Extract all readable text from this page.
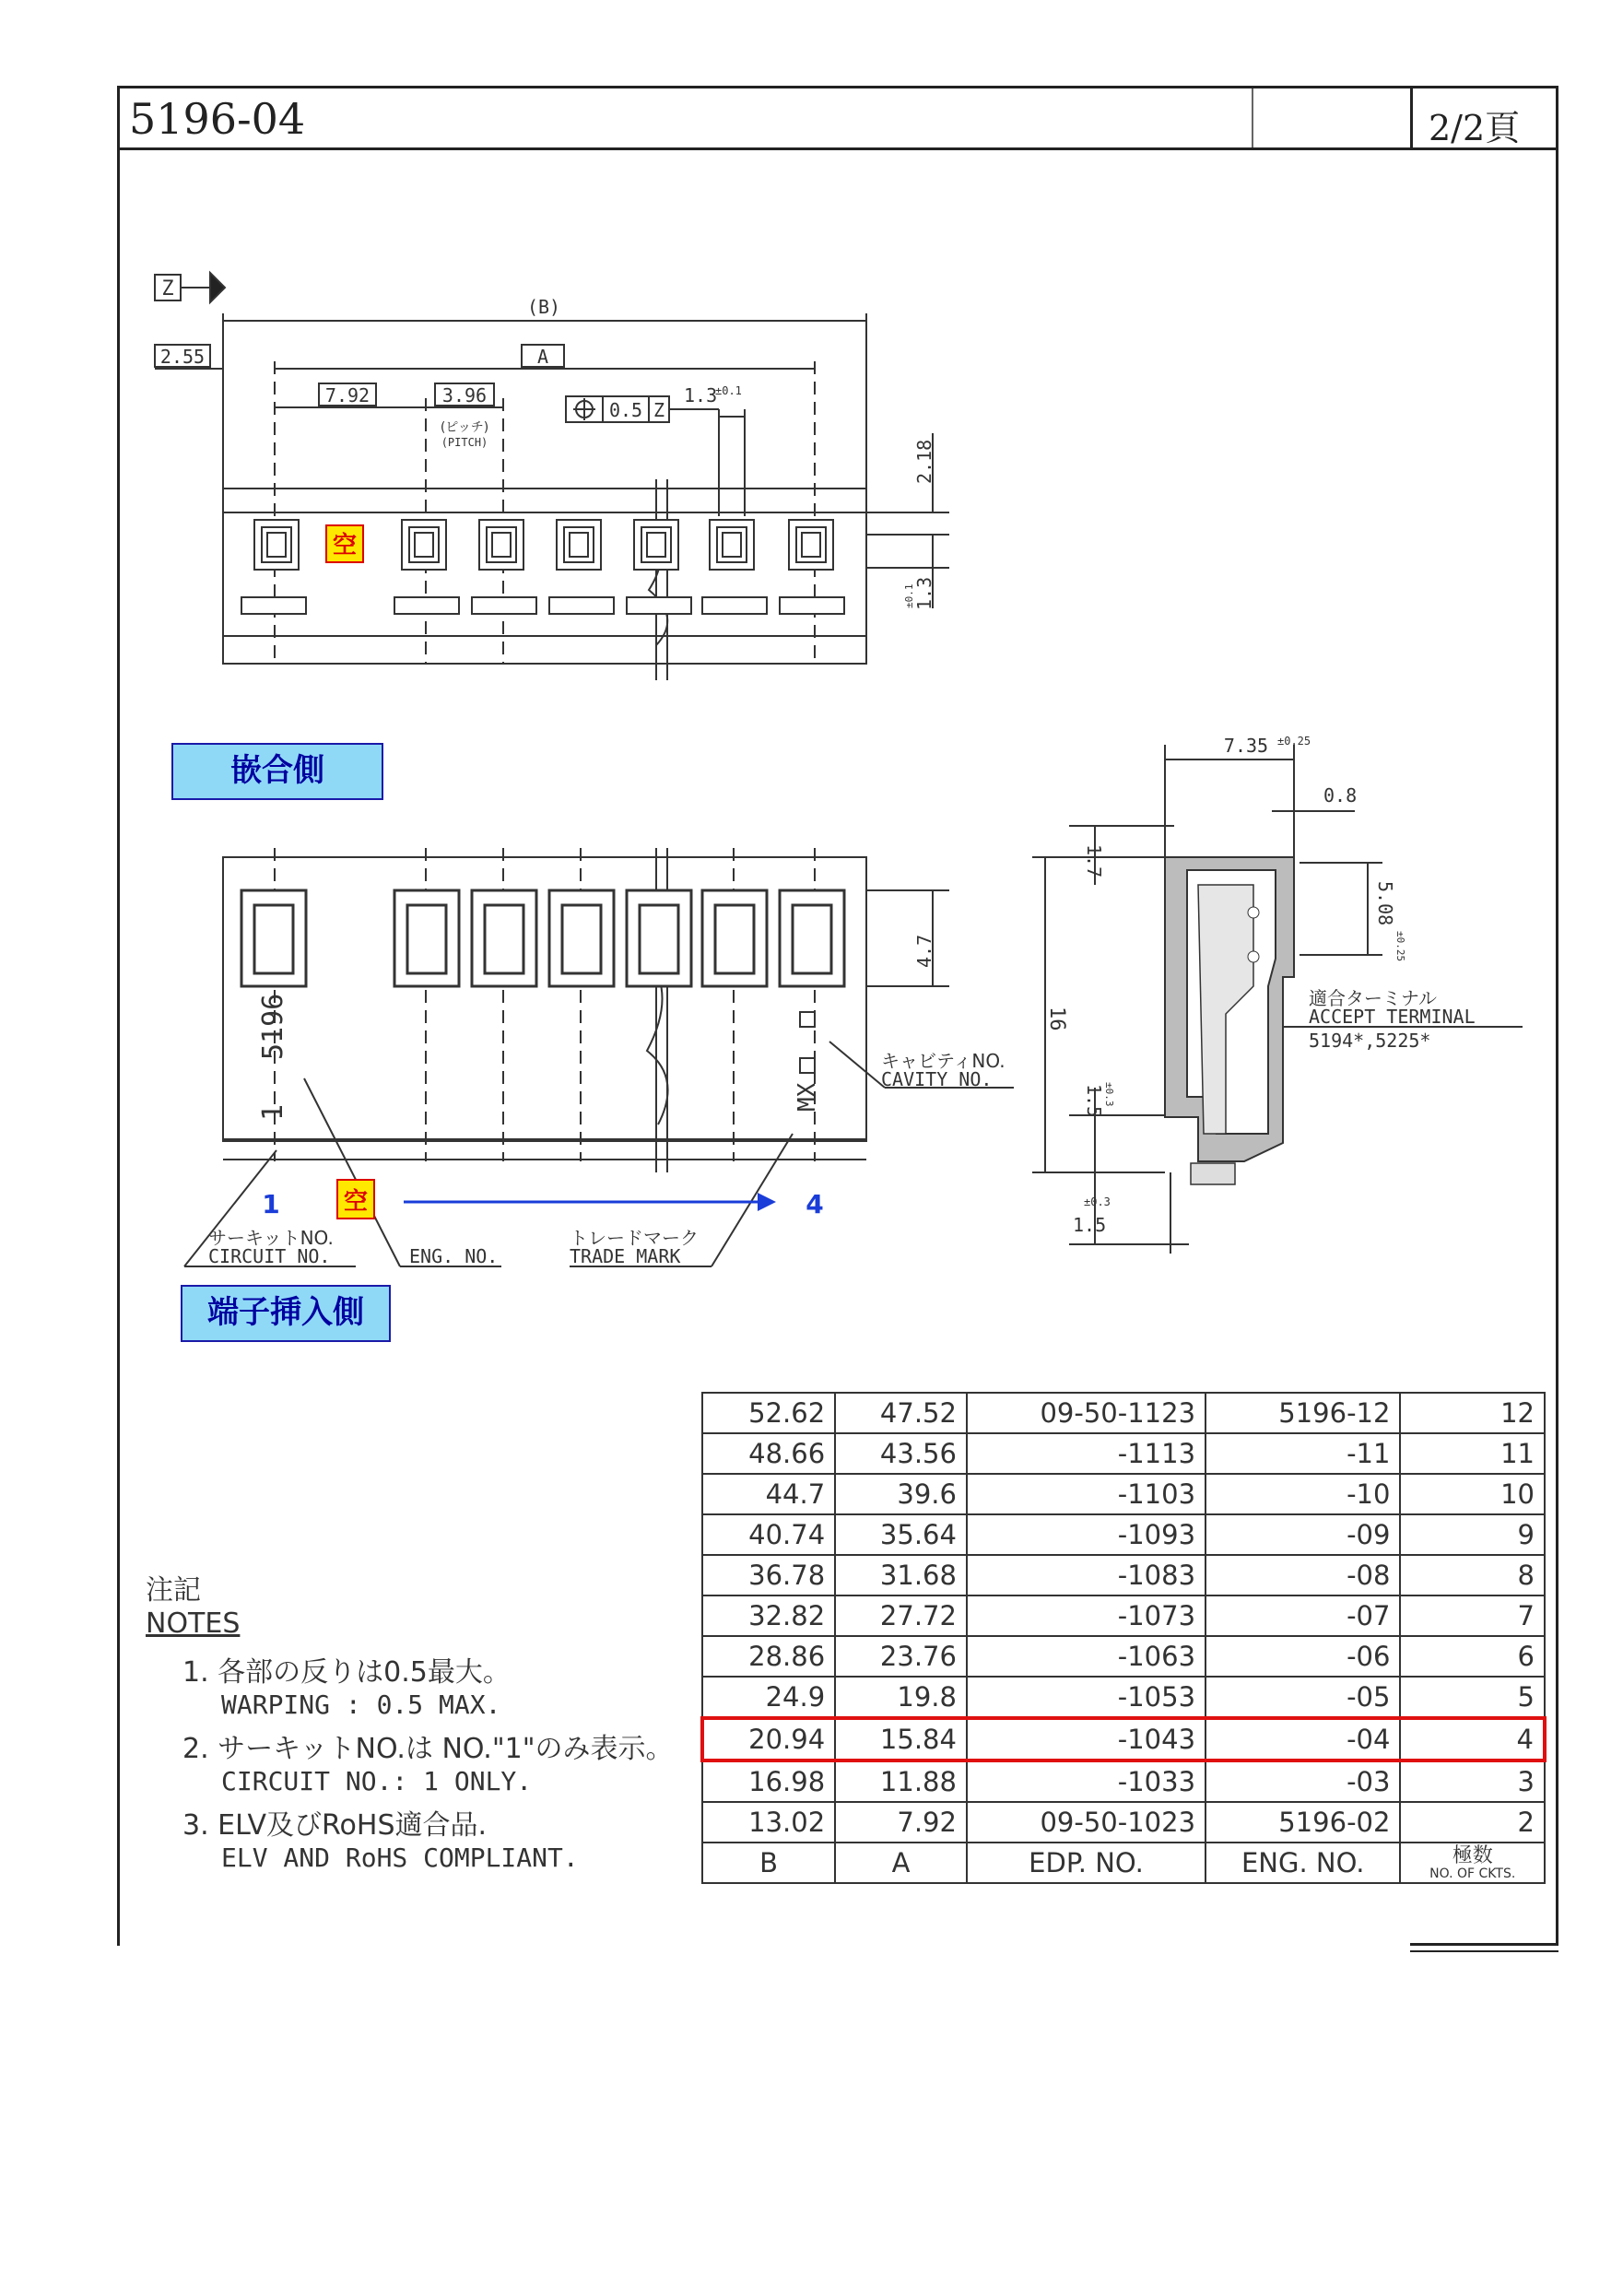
5196-04	2/2頁
空
Z
(B)
A
2.55
7.92	3.96
(ピッチ)
(PITCH)
0.5 Z
1.3
±0.1
2.18
1.3
±0.1
嵌合側
4.7
5196
1
MX
キャビティNO.
CAVITY NO.
サーキットNO.
CIRCUIT NO.	ENG. NO.
トレードマーク
TRADE MARK
1	4
空
7.35 ±0.25
0.8
1.7
5.08
±0.25
16
1.5
±0.3
1.5
±0.3
適合ターミナル
ACCEPT TERMINAL
5194*,5225*
端子挿入側
注記
NOTES
1. 各部の反りは0.5最大。
WARPING : 0.5 MAX.
2. サーキットNO.は NO."1"のみ表示。
CIRCUIT NO.: 1 ONLY.
3. ELV及びRoHS適合品.
ELV AND RoHS COMPLIANT.
52.62	47.52	09-50-1123	5196-12	12
48.66	43.56	-1113	-11	11
44.7	39.6	-1103	-10	10
40.74	35.64	-1093	-09	9
36.78	31.68	-1083	-08	8
32.82	27.72	-1073	-07	7
28.86	23.76	-1063	-06	6
24.9	19.8	-1053	-05	5
20.94	15.84	-1043	-04	4
16.98	11.88	-1033	-03	3
13.02	7.92	09-50-1023	5196-02	2
B	A	EDP. NO.	ENG. NO.	極数
NO. OF CKTS.
